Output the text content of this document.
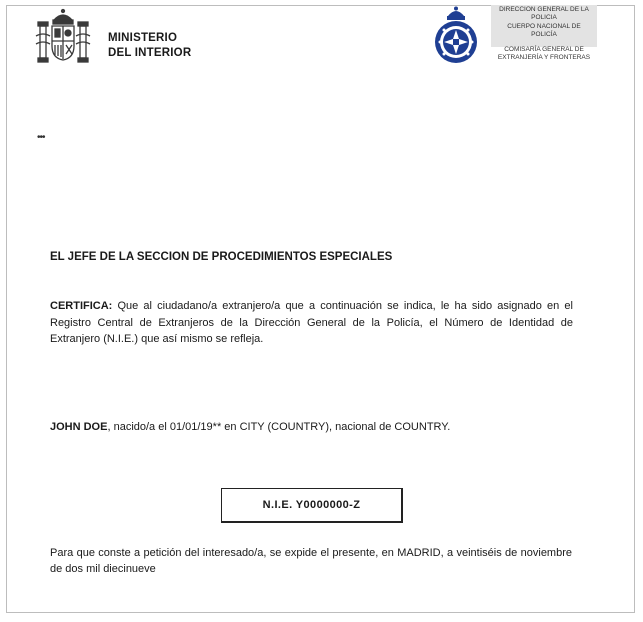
MINISTERIO
DEL INTERIOR
DIRECCION GENERAL DE LA
POLICIA
CUERPO NACIONAL DE
POLICÍA
COMISARÍA GENERAL DE
EXTRANJERÍA Y FRONTERAS
•••
EL JEFE DE LA SECCION DE PROCEDIMIENTOS ESPECIALES
CERTIFICA: Que al ciudadano/a extranjero/a que a continuación se indica, le ha sido asignado en el Registro Central de Extranjeros de la Dirección General de la Policía, el Número de Identidad de Extranjero (N.I.E.) que así mismo se refleja.
JOHN DOE, nacido/a el 01/01/19** en CITY (COUNTRY), nacional de COUNTRY.
N.I.E. Y0000000-Z
Para que conste a petición del interesado/a, se expide el presente, en MADRID, a veintiséis de noviembre de dos mil diecinueve
